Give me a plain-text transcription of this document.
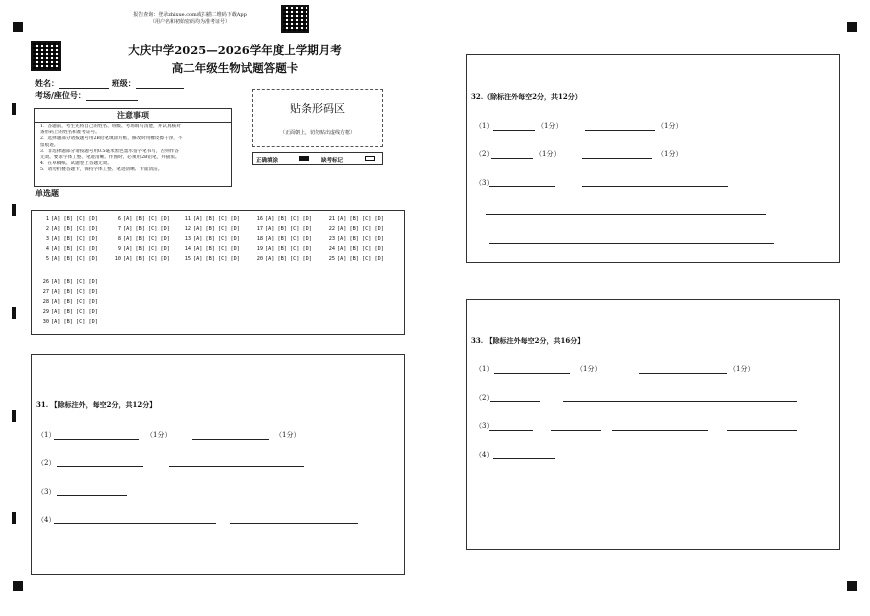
报告查询：登录zhixue.com或扫描二维码下载App
（用户名和初始密码均为准考证号）
大庆中学2025—2026学年度上学期月考
高二年级生物试题答题卡
姓名：	班级：
考场/座位号：
注意事项
1．答题前，考生先将自己的姓名、班级、考场填写清楚，并认真核对
条形码上的姓名和准考证号。
2．选择题部分请按题号用2B铅笔填涂方框，修改时用橡皮擦干净，不
留痕迹。
3．非选择题部分请按题号用0.5毫米黑色墨水签字笔书写，否则作答
无效。要求字体工整、笔迹清晰。作图时，必须用2B铅笔，并描浓。
4．在草稿纸、试题卷上答题无效。
5．请勿折叠答题卡，保持字体工整、笔迹清晰、卡面清洁。
贴条形码区
（正面朝上，切勿贴出虚线方框）
正确填涂	缺考标记
单选题
1 [A] [B] [C] [D]
2 [A] [B] [C] [D]
3 [A] [B] [C] [D]
4 [A] [B] [C] [D]
5 [A] [B] [C] [D]
6 [A] [B] [C] [D]
7 [A] [B] [C] [D]
8 [A] [B] [C] [D]
9 [A] [B] [C] [D]
10 [A] [B] [C] [D]
11 [A] [B] [C] [D]
12 [A] [B] [C] [D]
13 [A] [B] [C] [D]
14 [A] [B] [C] [D]
15 [A] [B] [C] [D]
16 [A] [B] [C] [D]
17 [A] [B] [C] [D]
18 [A] [B] [C] [D]
19 [A] [B] [C] [D]
20 [A] [B] [C] [D]
21 [A] [B] [C] [D]
22 [A] [B] [C] [D]
23 [A] [B] [C] [D]
24 [A] [B] [C] [D]
25 [A] [B] [C] [D]
26 [A] [B] [C] [D]
27 [A] [B] [C] [D]
28 [A] [B] [C] [D]
29 [A] [B] [C] [D]
30 [A] [B] [C] [D]
31. 【除标注外，每空2分，共12分】
（1）	（1分）	（1分）
（2）
（3）
（4）
32.（除标注外每空2分，共12分）
（1）	（1分）	（1分）
（2）	（1分）	（1分）
（3）
33. 【除标注外每空2分，共16分】
（1）	（1分）	（1分）
（2）
（3）
（4）
